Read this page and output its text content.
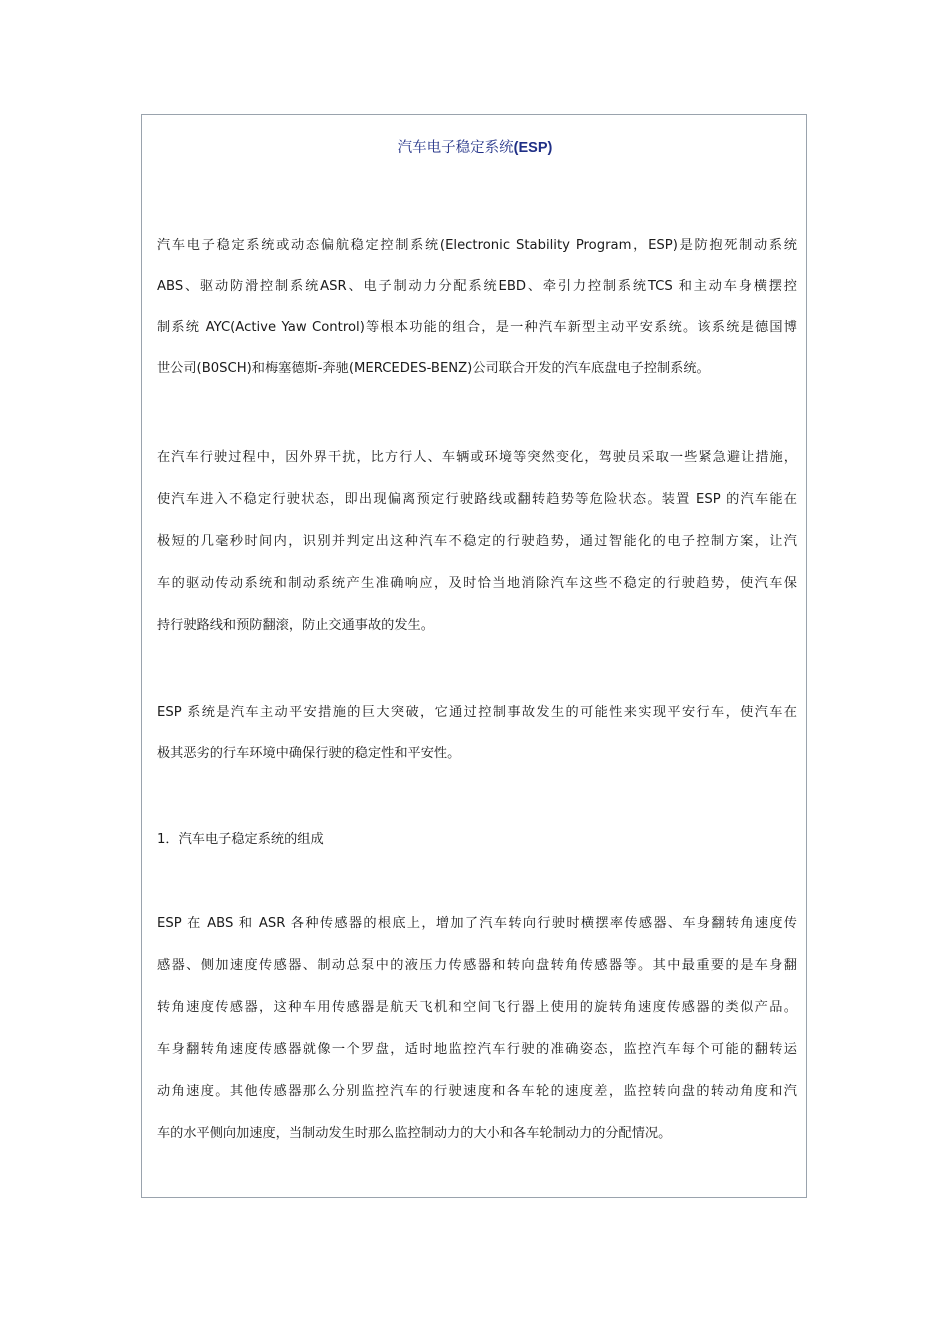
汽车电子稳定系统(ESP)
汽车电子稳定系统或动态偏航稳定控制系统(Electronic Stability Program，ESP)是防抱死制动系统
ABS、驱动防滑控制系统ASR、电子制动力分配系统EBD、牵引力控制系统TCS 和主动车身横摆控
制系统 AYC(Active Yaw Control)等根本功能的组合，是一种汽车新型主动平安系统。该系统是德国博
世公司(B0SCH)和梅塞德斯-奔驰(MERCEDES-BENZ)公司联合开发的汽车底盘电子控制系统。
在汽车行驶过程中，因外界干扰，比方行人、车辆或环境等突然变化，驾驶员采取一些紧急避让措施，
使汽车进入不稳定行驶状态，即出现偏离预定行驶路线或翻转趋势等危险状态。装置 ESP 的汽车能在
极短的几毫秒时间内，识别并判定出这种汽车不稳定的行驶趋势，通过智能化的电子控制方案，让汽
车的驱动传动系统和制动系统产生准确响应，及时恰当地消除汽车这些不稳定的行驶趋势，使汽车保
持行驶路线和预防翻滚，防止交通事故的发生。
ESP 系统是汽车主动平安措施的巨大突破，它通过控制事故发生的可能性来实现平安行车，使汽车在
极其恶劣的行车环境中确保行驶的稳定性和平安性。
1．汽车电子稳定系统的组成
ESP 在 ABS 和 ASR 各种传感器的根底上，增加了汽车转向行驶时横摆率传感器、车身翻转角速度传
感器、侧加速度传感器、制动总泵中的液压力传感器和转向盘转角传感器等。其中最重要的是车身翻
转角速度传感器，这种车用传感器是航天飞机和空间飞行器上使用的旋转角速度传感器的类似产品。
车身翻转角速度传感器就像一个罗盘，适时地监控汽车行驶的准确姿态，监控汽车每个可能的翻转运
动角速度。其他传感器那么分别监控汽车的行驶速度和各车轮的速度差，监控转向盘的转动角度和汽
车的水平侧向加速度，当制动发生时那么监控制动力的大小和各车轮制动力的分配情况。
